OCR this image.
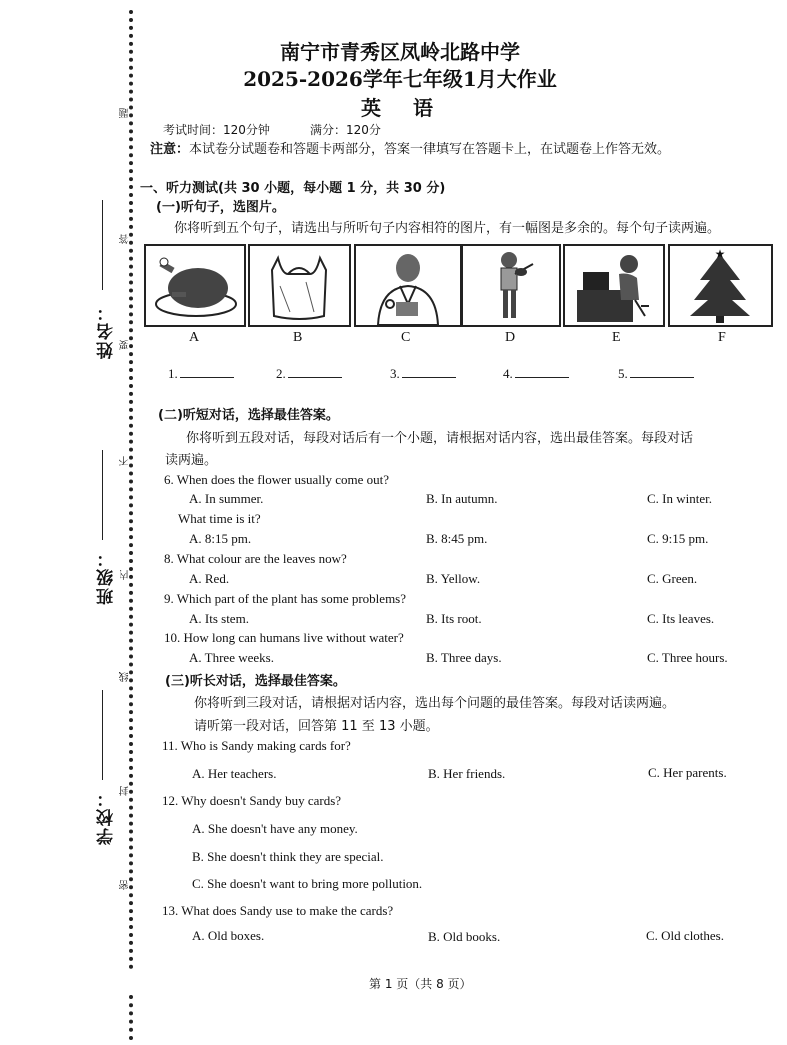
题
答
要
不
内
线
封
密
姓名：
班级：
学校：
南宁市青秀区凤岭北路中学
2025-2026学年七年级1月大作业
英　语
考试时间：120分钟	满分：120分
注意：本试卷分试题卷和答题卡两部分，答案一律填写在答题卡上，在试题卷上作答无效。
一、听力测试(共 30 小题，每小题 1 分，共 30 分)
(一)听句子，选图片。
你将听到五个句子，请选出与所听句子内容相符的图片，有一幅图是多余的。每个句子读两遍。
★
A	B	C	D	E	F
1.	2.	3.	4.	5.
(二)听短对话，选择最佳答案。
你将听到五段对话，每段对话后有一个小题，请根据对话内容，选出最佳答案。每段对话
读两遍。
6. When does the flower usually come out?
A. In summer.	B. In autumn.	C. In winter.
What time is it?
A. 8:15 pm.	B. 8:45 pm.	C. 9:15 pm.
8. What colour are the leaves now?
A. Red.	B. Yellow.	C. Green.
9. Which part of the plant has some problems?
A. Its stem.	B. Its root.	C. Its leaves.
10. How long can humans live without water?
A. Three weeks.	B. Three days.	C. Three hours.
(三)听长对话，选择最佳答案。
你将听到三段对话，请根据对话内容，选出每个问题的最佳答案。每段对话读两遍。
请听第一段对话，回答第 11 至 13 小题。
11. Who is Sandy making cards for?
A. Her teachers.	B. Her friends.	C. Her parents.
12. Why doesn't Sandy buy cards?
A. She doesn't have any money.
B. She doesn't think they are special.
C. She doesn't want to bring more pollution.
13. What does Sandy use to make the cards?
A. Old boxes.	B. Old books.	C. Old clothes.
第 1 页（共 8 页）
